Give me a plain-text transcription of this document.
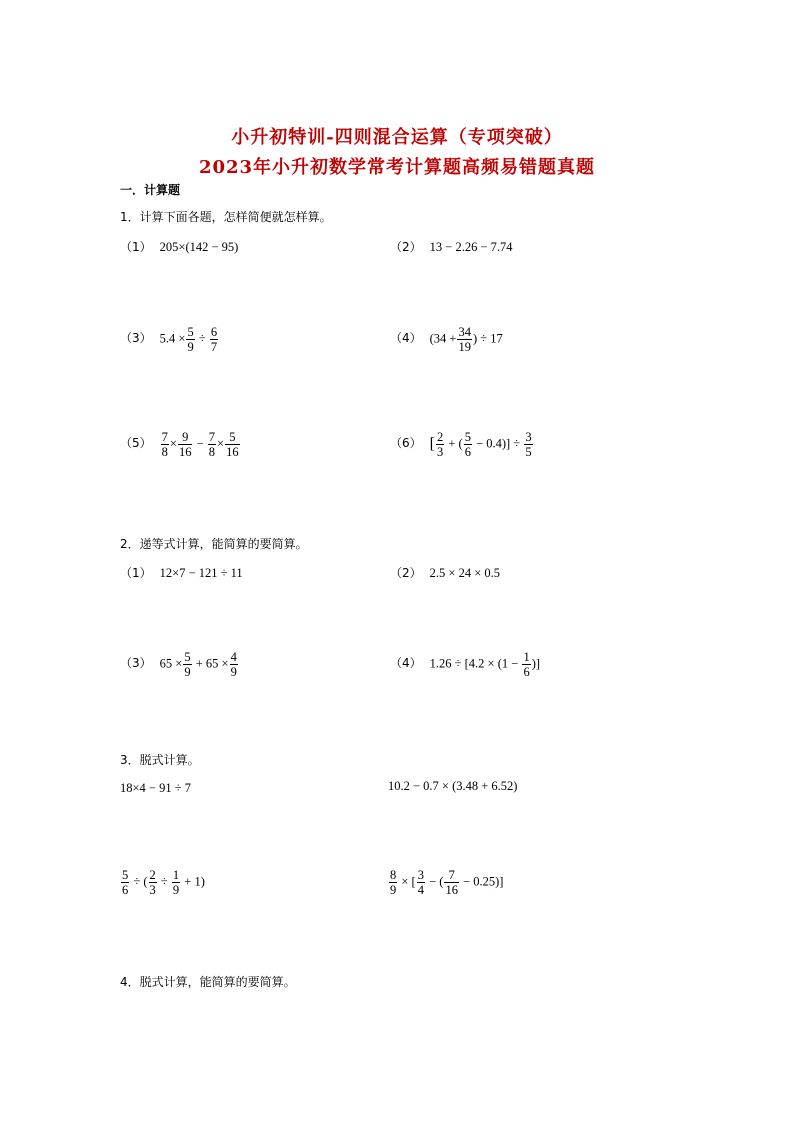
小升初特训-四则混合运算（专项突破）
2023年小升初数学常考计算题高频易错题真题
一．计算题
1．计算下面各题，怎样简便就怎样算。
（1） 205×(142 − 95)	（2） 13 − 2.26 − 7.74
（3） $5.4 \times \frac{5}{9} \div \frac{6}{7}$	（4） ($34 + \frac{34}{19}$ ) ÷ 17
$(5) \frac{7}{8} \times \frac{9}{16} - \frac{7}{8} \times \frac{5}{16}$	（6） [ $\frac{2}{3}$ + ( $\frac{5}{6} - 0.4)] \div \frac{3}{5}$
2．递等式计算，能简算的要简算。
（1） 12×7 − 121 ÷ 11	（2） 2.5 × 24 × 0.5
（3） $65 \times \frac{5}{9} + 65 \times \frac{4}{9}$	（4） $1.26 \div [4.2 \times (1 - \frac{1}{6}$ )]
3．脱式计算。
18×4 − 91 ÷ 7	10.2 − 0.7 × (3.48 + 6.52)
$\frac{5}{6}$ ÷ ( $\frac{2}{3} \div \frac{1}{9} + 1$)	$\frac{8}{9}$ × [ $\frac{3}{4}$ − ( $\frac{7}{16} - 0.25$)]
4．脱式计算，能简算的要简算。
